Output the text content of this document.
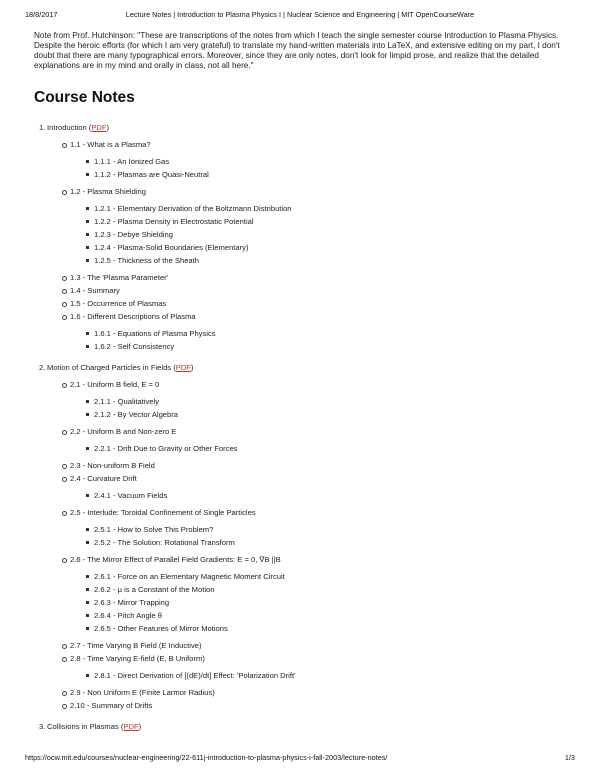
18/8/2017	Lecture Notes | Introduction to Plasma Physics I | Nuclear Science and Engineering | MIT OpenCourseWare

Note from Prof. Hutchinson: "These are transcriptions of the notes from which I teach the single semester course Introduction to Plasma Physics. Despite the heroic efforts (for which I am very grateful) to translate my hand-written materials into LaTeX, and extensive editing on my part, I don't doubt that there are many typographical errors. Moreover, since they are only notes, don't look for limpid prose, and realize that the detailed explanations are in my mind and orally in class, not all here."

Course Notes
1. Introduction (PDF)
1.1 - What is a Plasma?
1.1.1 - An Ionized Gas
1.1.2 - Plasmas are Quasi-Neutral
1.2 - Plasma Shielding
1.2.1 - Elementary Derivation of the Boltzmann Distribution
1.2.2 - Plasma Density in Electrostatic Potential
1.2.3 - Debye Shielding
1.2.4 - Plasma-Solid Boundaries (Elementary)
1.2.5 - Thickness of the Sheath
1.3 - The 'Plasma Parameter'
1.4 - Summary
1.5 - Occurrence of Plasmas
1.6 - Different Descriptions of Plasma
1.6.1 - Equations of Plasma Physics
1.6.2 - Self Consistency
2. Motion of Charged Particles in Fields (PDF)
2.1 - Uniform B field, E = 0
2.1.1 - Qualitatively
2.1.2 - By Vector Algebra
2.2 - Uniform B and Non-zero E
2.2.1 - Drift Due to Gravity or Other Forces
2.3 - Non-uniform B Field
2.4 - Curvature Drift
2.4.1 - Vacuum Fields
2.5 - Interlude: Toroidal Confinement of Single Particles
2.5.1 - How to Solve This Problem?
2.5.2 - The Solution: Rotational Transform
2.6 - The Mirror Effect of Parallel Field Gradients: E = 0, ∇B ||B
2.6.1 - Force on an Elementary Magnetic Moment Circuit
2.6.2 - μ is a Constant of the Motion
2.6.3 - Mirror Trapping
2.6.4 - Pitch Angle θ
2.6.5 - Other Features of Mirror Motions
2.7 - Time Varying B Field (E Inductive)
2.8 - Time Varying E-field (E, B Uniform)
2.8.1 - Direct Derivation of [(dE)/dt] Effect: 'Polarization Drift'
2.9 - Non Uniform E (Finite Larmor Radius)
2.10 - Summary of Drifts
3. Collisions in Plasmas (PDF)
https://ocw.mit.edu/courses/nuclear-engineering/22-611j-introduction-to-plasma-physics-i-fall-2003/lecture-notes/	1/3
